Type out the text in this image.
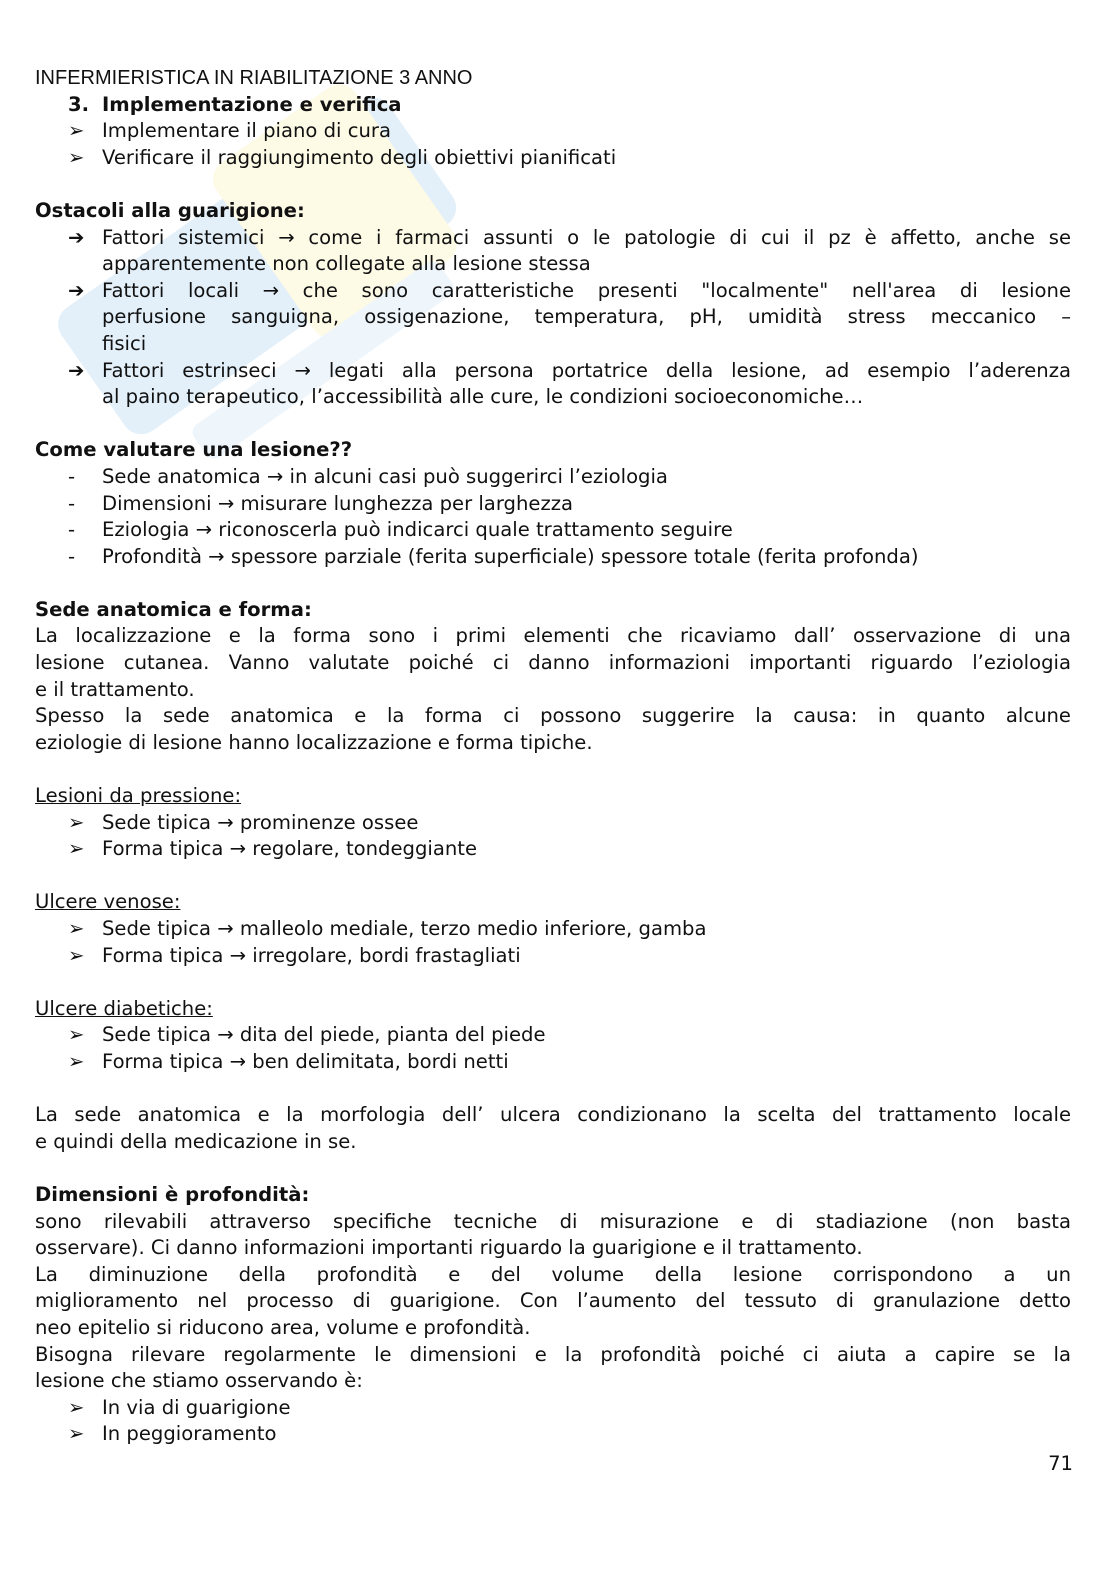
INFERMIERISTICA IN RIABILITAZIONE 3 ANNO
3. Implementazione e verifica
➢ Implementare il piano di cura
➢ Verificare il raggiungimento degli obiettivi pianificati
Ostacoli alla guarigione:
➔ Fattori sistemici → come i farmaci assunti o le patologie di cui il pz è affetto, anche se
apparentemente non collegate alla lesione stessa
➔ Fattori locali → che sono caratteristiche presenti "localmente" nell'area di lesione
perfusione sanguigna, ossigenazione, temperatura, pH, umidità stress meccanico –
fisici
➔ Fattori estrinseci → legati alla persona portatrice della lesione, ad esempio l’aderenza
al paino terapeutico, l’accessibilità alle cure, le condizioni socioeconomiche…
Come valutare una lesione??
- Sede anatomica → in alcuni casi può suggerirci l’eziologia
- Dimensioni → misurare lunghezza per larghezza
- Eziologia → riconoscerla può indicarci quale trattamento seguire
- Profondità → spessore parziale (ferita superficiale) spessore totale (ferita profonda)
Sede anatomica e forma:
La localizzazione e la forma sono i primi elementi che ricaviamo dall’ osservazione di una
lesione cutanea. Vanno valutate poiché ci danno informazioni importanti riguardo l’eziologia
e il trattamento.
Spesso la sede anatomica e la forma ci possono suggerire la causa: in quanto alcune
eziologie di lesione hanno localizzazione e forma tipiche.
Lesioni da pressione:
➢ Sede tipica → prominenze ossee
➢ Forma tipica → regolare, tondeggiante
Ulcere venose:
➢ Sede tipica → malleolo mediale, terzo medio inferiore, gamba
➢ Forma tipica → irregolare, bordi frastagliati
Ulcere diabetiche:
➢ Sede tipica → dita del piede, pianta del piede
➢ Forma tipica → ben delimitata, bordi netti
La sede anatomica e la morfologia dell’ ulcera condizionano la scelta del trattamento locale
e quindi della medicazione in se.
Dimensioni è profondità:
sono rilevabili attraverso specifiche tecniche di misurazione e di stadiazione (non basta
osservare). Ci danno informazioni importanti riguardo la guarigione e il trattamento.
La diminuzione della profondità e del volume della lesione corrispondono a un
miglioramento nel processo di guarigione. Con l’aumento del tessuto di granulazione detto
neo epitelio si riducono area, volume e profondità.
Bisogna rilevare regolarmente le dimensioni e la profondità poiché ci aiuta a capire se la
lesione che stiamo osservando è:
➢ In via di guarigione
➢ In peggioramento
71
